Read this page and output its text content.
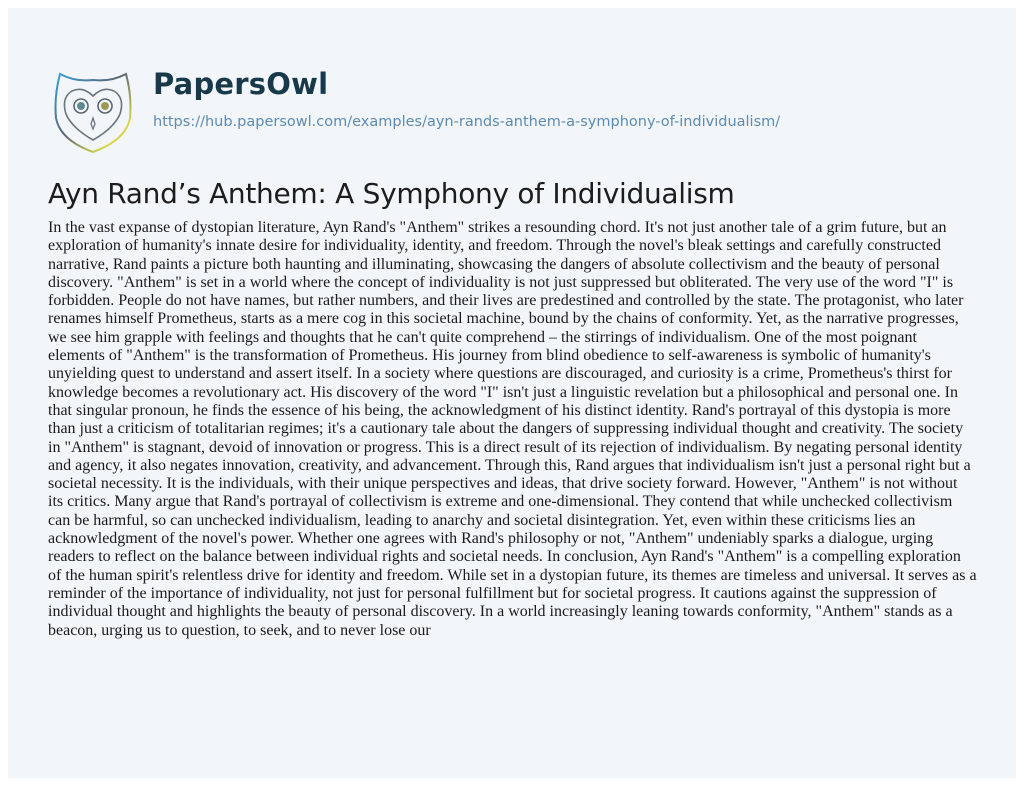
PapersOwl
https://hub.papersowl.com/examples/ayn-rands-anthem-a-symphony-of-individualism/
Ayn Rand’s Anthem: A Symphony of Individualism
In the vast expanse of dystopian literature, Ayn Rand's "Anthem" strikes a resounding chord. It's not just another tale of a grim future, but an
exploration of humanity's innate desire for individuality, identity, and freedom. Through the novel's bleak settings and carefully constructed
narrative, Rand paints a picture both haunting and illuminating, showcasing the dangers of absolute collectivism and the beauty of personal
discovery. "Anthem" is set in a world where the concept of individuality is not just suppressed but obliterated. The very use of the word "I" is
forbidden. People do not have names, but rather numbers, and their lives are predestined and controlled by the state. The protagonist, who later
renames himself Prometheus, starts as a mere cog in this societal machine, bound by the chains of conformity. Yet, as the narrative progresses,
we see him grapple with feelings and thoughts that he can't quite comprehend – the stirrings of individualism. One of the most poignant
elements of "Anthem" is the transformation of Prometheus. His journey from blind obedience to self-awareness is symbolic of humanity's
unyielding quest to understand and assert itself. In a society where questions are discouraged, and curiosity is a crime, Prometheus's thirst for
knowledge becomes a revolutionary act. His discovery of the word "I" isn't just a linguistic revelation but a philosophical and personal one. In
that singular pronoun, he finds the essence of his being, the acknowledgment of his distinct identity. Rand's portrayal of this dystopia is more
than just a criticism of totalitarian regimes; it's a cautionary tale about the dangers of suppressing individual thought and creativity. The society
in "Anthem" is stagnant, devoid of innovation or progress. This is a direct result of its rejection of individualism. By negating personal identity
and agency, it also negates innovation, creativity, and advancement. Through this, Rand argues that individualism isn't just a personal right but a
societal necessity. It is the individuals, with their unique perspectives and ideas, that drive society forward. However, "Anthem" is not without
its critics. Many argue that Rand's portrayal of collectivism is extreme and one-dimensional. They contend that while unchecked collectivism
can be harmful, so can unchecked individualism, leading to anarchy and societal disintegration. Yet, even within these criticisms lies an
acknowledgment of the novel's power. Whether one agrees with Rand's philosophy or not, "Anthem" undeniably sparks a dialogue, urging
readers to reflect on the balance between individual rights and societal needs. In conclusion, Ayn Rand's "Anthem" is a compelling exploration
of the human spirit's relentless drive for identity and freedom. While set in a dystopian future, its themes are timeless and universal. It serves as a
reminder of the importance of individuality, not just for personal fulfillment but for societal progress. It cautions against the suppression of
individual thought and highlights the beauty of personal discovery. In a world increasingly leaning towards conformity, "Anthem" stands as a
beacon, urging us to question, to seek, and to never lose our
